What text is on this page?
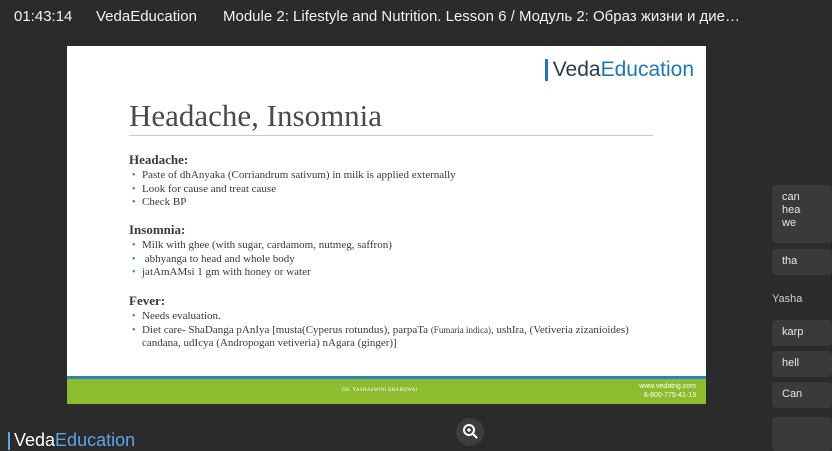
01:43:14 VedaEducation Module 2: Lifestyle and Nutrition. Lesson 6 / Модуль 2: Образ жизни и дие…
Veda Education
Headache, Insomnia
Headache:
• Paste of dhAnyaka (Corriandrum sativum) in milk is applied externally
• Look for cause and treat cause
• Check BP
Insomnia:
• Milk with ghee (with sugar, cardamom, nutmeg, saffron)
•  abhyanga to head and whole body
• jatAmAMsi 1 gm with honey or water
Fever:
• Needs evaluation.
• Diet care- ShaDanga pAnIya [musta(Cyperus rotundus), parpaTa (Fumaria indica), ushIra, (Vetiveria zizanioides) candana, udIcya (Andropogan vetiveria) nAgara (ginger)]
DR. YASHASWINI BHARDWAJ
www.vedatng.com
8-800-775-41-13
Veda Education
can
hea
we
tha
Yasha
karp
hell
Can
